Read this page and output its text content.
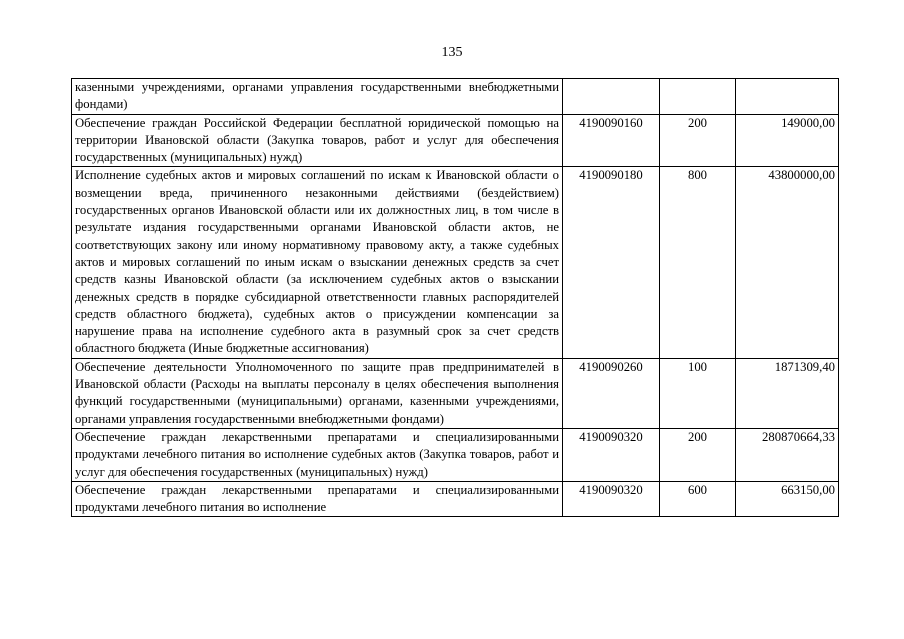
135
казенными учреждениями, органами управления государственными внебюджетными фондами)			
Обеспечение граждан Российской Федерации бесплатной юридической помощью на территории Ивановской области (Закупка товаров, работ и услуг для обеспечения государственных (муниципальных) нужд)	4190090160	200	149000,00
Исполнение судебных актов и мировых соглашений по искам к Ивановской области о возмещении вреда, причиненного незаконными действиями (бездействием) государственных органов Ивановской области или их должностных лиц, в том числе в результате издания государственными органами Ивановской области актов, не соответствующих закону или иному нормативному правовому акту, а также судебных актов и мировых соглашений по иным искам о взыскании денежных средств за счет средств казны Ивановской области (за исключением судебных актов о взыскании денежных средств в порядке субсидиарной ответственности главных распорядителей средств областного бюджета), судебных актов о присуждении компенсации за нарушение права на исполнение судебного акта в разумный срок за счет средств областного бюджета (Иные бюджетные ассигнования)	4190090180	800	43800000,00
Обеспечение деятельности Уполномоченного по защите прав предпринимателей в Ивановской области (Расходы на выплаты персоналу в целях обеспечения выполнения функций государственными (муниципальными) органами, казенными учреждениями, органами управления государственными внебюджетными фондами)	4190090260	100	1871309,40
Обеспечение граждан лекарственными препаратами и специализированными продуктами лечебного питания во исполнение судебных актов (Закупка товаров, работ и услуг для обеспечения государственных (муниципальных) нужд)	4190090320	200	280870664,33

Обеспечение граждан лекарственными препаратами и специализированными продуктами лечебного питания во исполнение	4190090320	600	663150,00
